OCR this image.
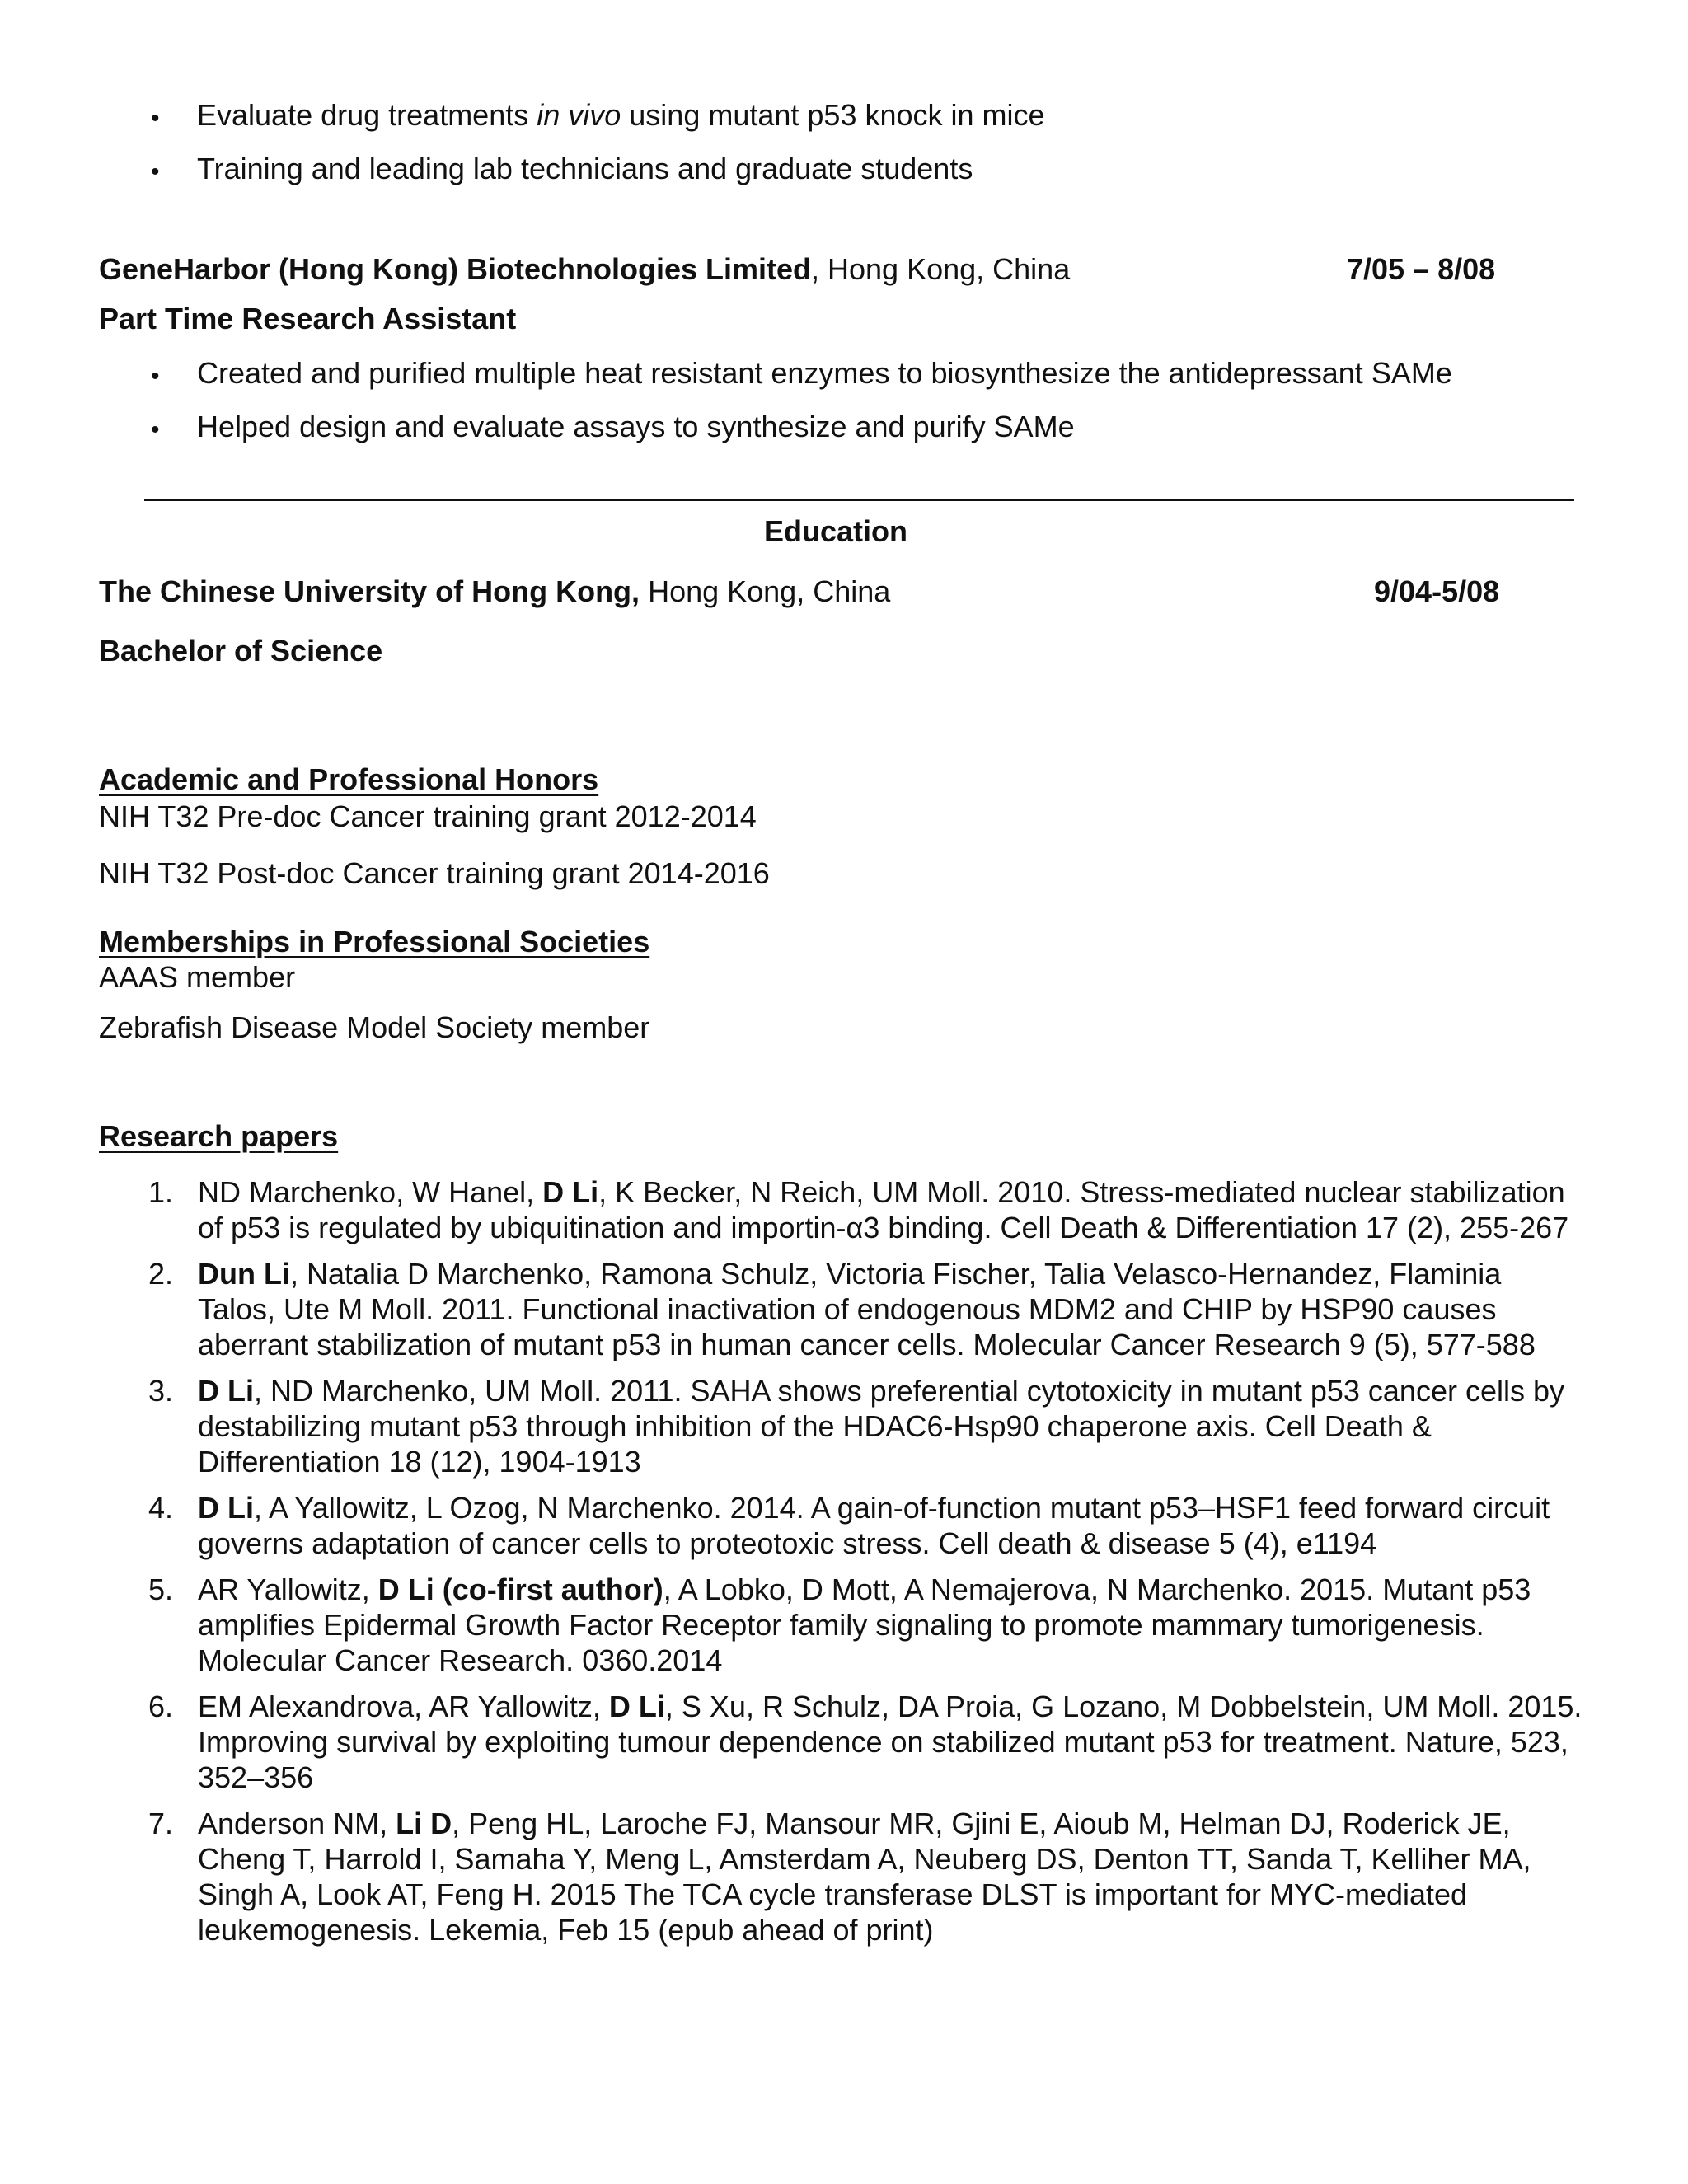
• Evaluate drug treatments in vivo using mutant p53 knock in mice
• Training and leading lab technicians and graduate students
GeneHarbor (Hong Kong) Biotechnologies Limited, Hong Kong, China	7/05 – 8/08
Part Time Research Assistant
• Created and purified multiple heat resistant enzymes to biosynthesize the antidepressant SAMe
• Helped design and evaluate assays to synthesize and purify SAMe
Education
The Chinese University of Hong Kong, Hong Kong, China	9/04-5/08
Bachelor of Science
Academic and Professional Honors
NIH T32 Pre-doc Cancer training grant 2012-2014
NIH T32 Post-doc Cancer training grant 2014-2016
Memberships in Professional Societies
AAAS member
Zebrafish Disease Model Society member
Research papers
1. ND Marchenko, W Hanel, D Li, K Becker, N Reich, UM Moll. 2010. Stress-mediated nuclear stabilization of p53 is regulated by ubiquitination and importin-α3 binding. Cell Death & Differentiation 17 (2), 255-267
2. Dun Li, Natalia D Marchenko, Ramona Schulz, Victoria Fischer, Talia Velasco-Hernandez, Flaminia Talos, Ute M Moll. 2011. Functional inactivation of endogenous MDM2 and CHIP by HSP90 causes aberrant stabilization of mutant p53 in human cancer cells. Molecular Cancer Research 9 (5), 577-588
3. D Li, ND Marchenko, UM Moll. 2011. SAHA shows preferential cytotoxicity in mutant p53 cancer cells by destabilizing mutant p53 through inhibition of the HDAC6-Hsp90 chaperone axis. Cell Death & Differentiation 18 (12), 1904-1913
4. D Li, A Yallowitz, L Ozog, N Marchenko. 2014. A gain-of-function mutant p53–HSF1 feed forward circuit governs adaptation of cancer cells to proteotoxic stress. Cell death & disease 5 (4), e1194
5. AR Yallowitz, D Li (co-first author), A Lobko, D Mott, A Nemajerova, N Marchenko. 2015. Mutant p53 amplifies Epidermal Growth Factor Receptor family signaling to promote mammary tumorigenesis. Molecular Cancer Research. 0360.2014
6. EM Alexandrova, AR Yallowitz, D Li, S Xu, R Schulz, DA Proia, G Lozano, M Dobbelstein, UM Moll. 2015. Improving survival by exploiting tumour dependence on stabilized mutant p53 for treatment. Nature, 523, 352–356
7. Anderson NM, Li D, Peng HL, Laroche FJ, Mansour MR, Gjini E, Aioub M, Helman DJ, Roderick JE, Cheng T, Harrold I, Samaha Y, Meng L, Amsterdam A, Neuberg DS, Denton TT, Sanda T, Kelliher MA, Singh A, Look AT, Feng H. 2015 The TCA cycle transferase DLST is important for MYC-mediated leukemogenesis. Lekemia, Feb 15 (epub ahead of print)
